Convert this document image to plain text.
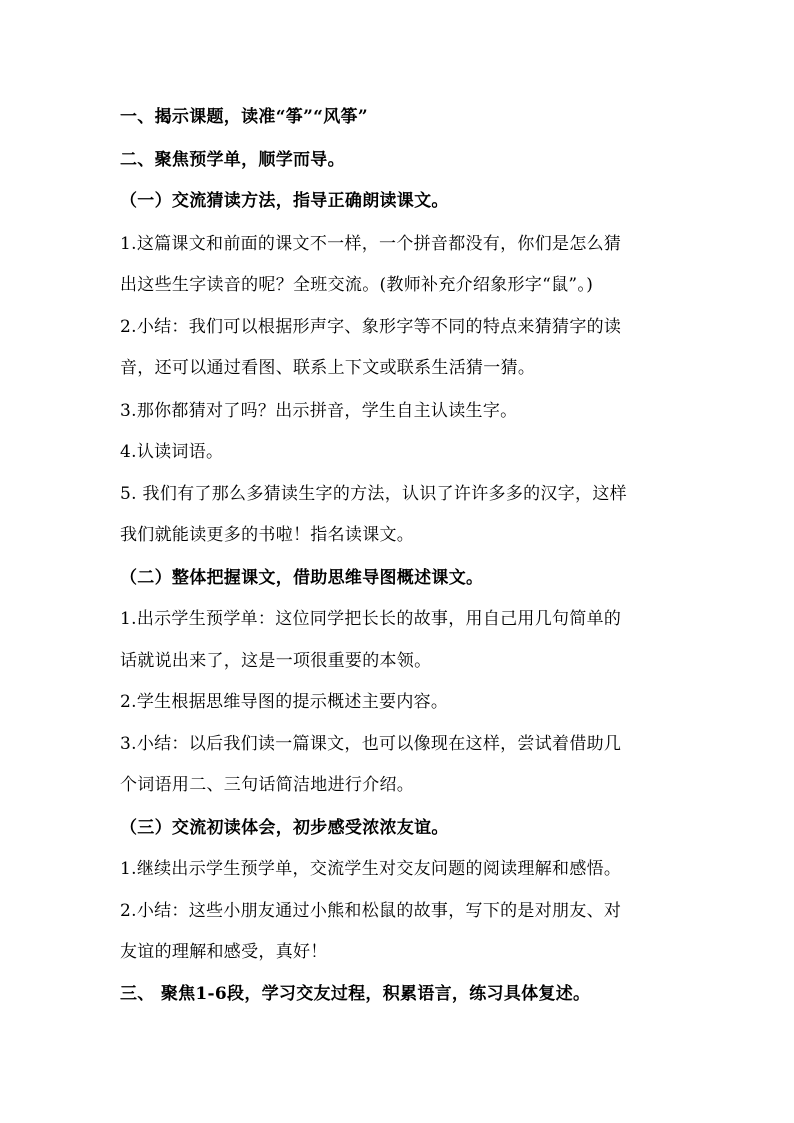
一、揭示课题，读准“筝”“风筝”
二、聚焦预学单，顺学而导。
（一）交流猜读方法，指导正确朗读课文。
1.这篇课文和前面的课文不一样，一个拼音都没有，你们是怎么猜
出这些生字读音的呢？全班交流。(教师补充介绍象形字“鼠”。)
2.小结：我们可以根据形声字、象形字等不同的特点来猜猜字的读
音，还可以通过看图、联系上下文或联系生活猜一猜。
3.那你都猜对了吗？出示拼音，学生自主认读生字。
4.认读词语。
5. 我们有了那么多猜读生字的方法，认识了许许多多的汉字，这样
我们就能读更多的书啦！指名读课文。
（二）整体把握课文，借助思维导图概述课文。
1.出示学生预学单：这位同学把长长的故事，用自己用几句简单的
话就说出来了，这是一项很重要的本领。
2.学生根据思维导图的提示概述主要内容。
3.小结：以后我们读一篇课文，也可以像现在这样，尝试着借助几
个词语用二、三句话简洁地进行介绍。
（三）交流初读体会，初步感受浓浓友谊。
1.继续出示学生预学单，交流学生对交友问题的阅读理解和感悟。
2.小结：这些小朋友通过小熊和松鼠的故事，写下的是对朋友、对
友谊的理解和感受，真好！
三、 聚焦1-6段，学习交友过程，积累语言，练习具体复述。
